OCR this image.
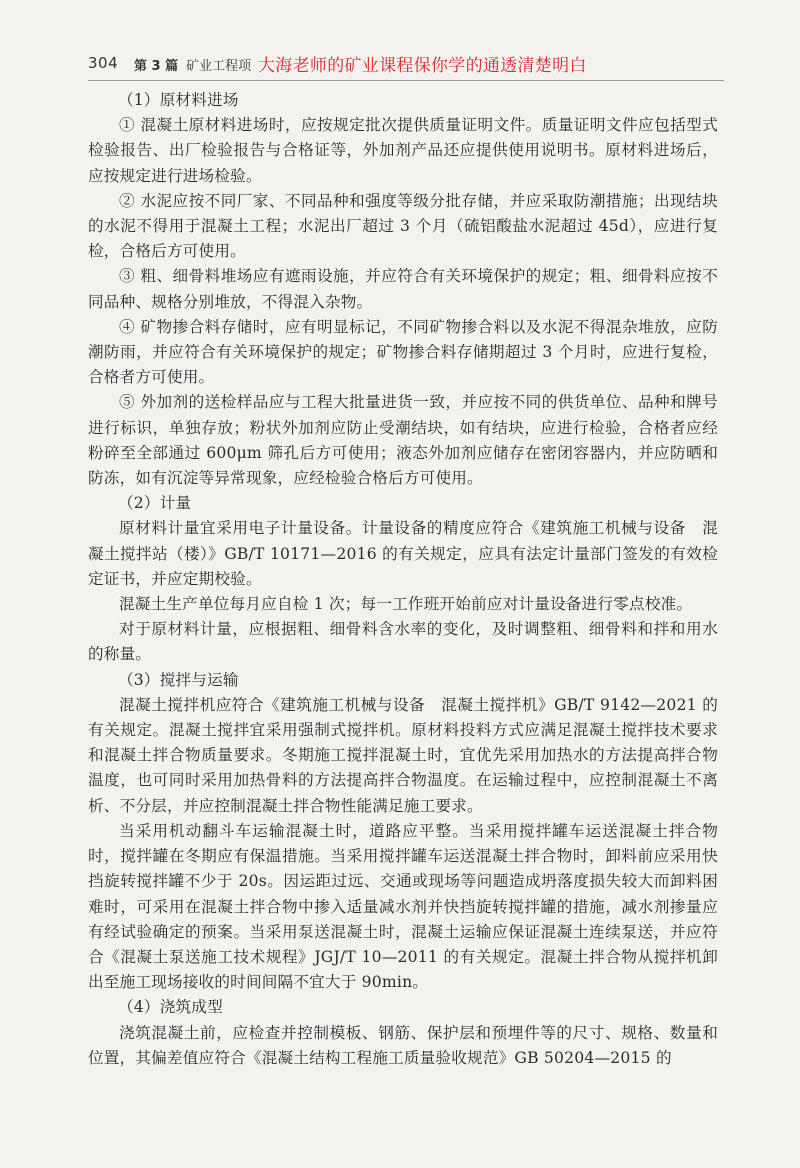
304 第 3 篇 矿业工程项 大海老师的矿业课程保你学的通透清楚明白

（1）原材料进场

① 混凝土原材料进场时，应按规定批次提供质量证明文件。质量证明文件应包括型式检验报告、出厂检验报告与合格证等，外加剂产品还应提供使用说明书。原材料进场后，应按规定进行进场检验。

② 水泥应按不同厂家、不同品种和强度等级分批存储，并应采取防潮措施；出现结块的水泥不得用于混凝土工程；水泥出厂超过 3 个月（硫铝酸盐水泥超过 45d），应进行复检，合格后方可使用。

③ 粗、细骨料堆场应有遮雨设施，并应符合有关环境保护的规定；粗、细骨料应按不同品种、规格分别堆放，不得混入杂物。

④ 矿物掺合料存储时，应有明显标记，不同矿物掺合料以及水泥不得混杂堆放，应防潮防雨，并应符合有关环境保护的规定；矿物掺合料存储期超过 3 个月时，应进行复检，合格者方可使用。

⑤ 外加剂的送检样品应与工程大批量进货一致，并应按不同的供货单位、品种和牌号进行标识，单独存放；粉状外加剂应防止受潮结块，如有结块，应进行检验，合格者应经粉碎至全部通过 600μm 筛孔后方可使用；液态外加剂应储存在密闭容器内，并应防晒和防冻，如有沉淀等异常现象，应经检验合格后方可使用。

（2）计量

原材料计量宜采用电子计量设备。计量设备的精度应符合《建筑施工机械与设备　混凝土搅拌站（楼）》GB/T 10171—2016 的有关规定，应具有法定计量部门签发的有效检定证书，并应定期校验。

混凝土生产单位每月应自检 1 次；每一工作班开始前应对计量设备进行零点校准。

对于原材料计量，应根据粗、细骨料含水率的变化，及时调整粗、细骨料和拌和用水的称量。

（3）搅拌与运输

混凝土搅拌机应符合《建筑施工机械与设备　混凝土搅拌机》GB/T 9142—2021 的有关规定。混凝土搅拌宜采用强制式搅拌机。原材料投料方式应满足混凝土搅拌技术要求和混凝土拌合物质量要求。冬期施工搅拌混凝土时，宜优先采用加热水的方法提高拌合物温度，也可同时采用加热骨料的方法提高拌合物温度。在运输过程中，应控制混凝土不离析、不分层，并应控制混凝土拌合物性能满足施工要求。

当采用机动翻斗车运输混凝土时，道路应平整。当采用搅拌罐车运送混凝土拌合物时，搅拌罐在冬期应有保温措施。当采用搅拌罐车运送混凝土拌合物时，卸料前应采用快挡旋转搅拌罐不少于 20s。因运距过远、交通或现场等问题造成坍落度损失较大而卸料困难时，可采用在混凝土拌合物中掺入适量减水剂并快挡旋转搅拌罐的措施，减水剂掺量应有经试验确定的预案。当采用泵送混凝土时，混凝土运输应保证混凝土连续泵送，并应符合《混凝土泵送施工技术规程》JGJ/T 10—2011 的有关规定。混凝土拌合物从搅拌机卸出至施工现场接收的时间间隔不宜大于 90min。

（4）浇筑成型

浇筑混凝土前，应检查并控制模板、钢筋、保护层和预埋件等的尺寸、规格、数量和位置，其偏差值应符合《混凝土结构工程施工质量验收规范》GB 50204—2015 的
